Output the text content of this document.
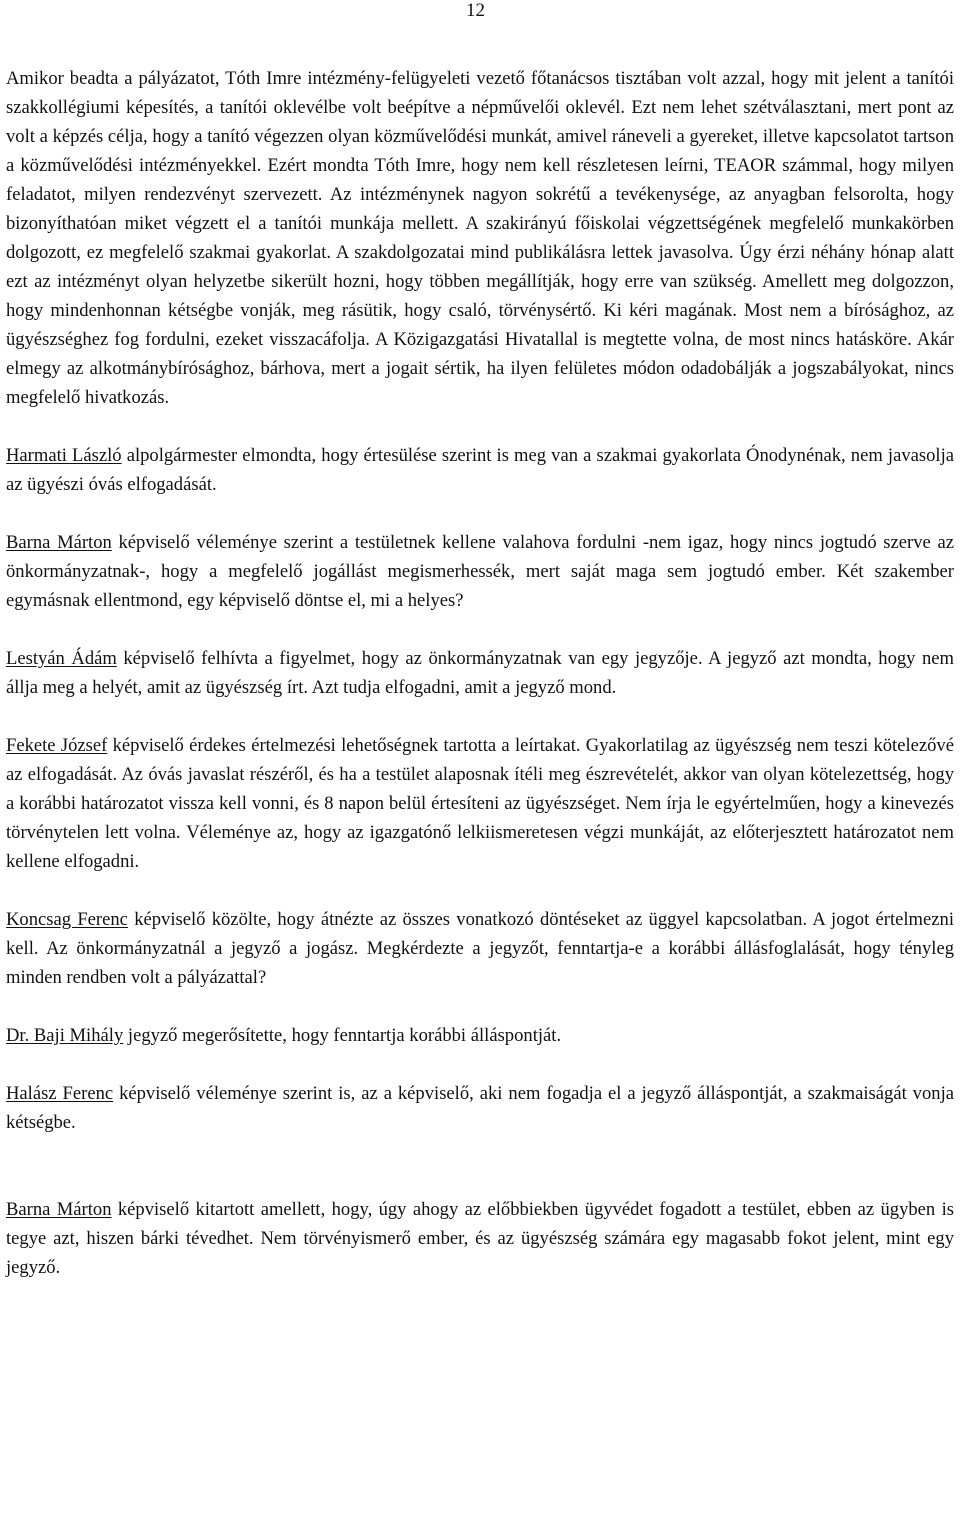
12

Amikor beadta a pályázatot, Tóth Imre intézmény-felügyeleti vezető főtanácsos tisztában volt azzal, hogy mit jelent a tanítói szakkollégiumi képesítés, a tanítói oklevélbe volt beépítve a népművelői oklevél. Ezt nem lehet szétválasztani, mert pont az volt a képzés célja, hogy a tanító végezzen olyan közművelődési munkát, amivel ráneveli a gyereket, illetve kapcsolatot tartson a közművelődési intézményekkel. Ezért mondta Tóth Imre, hogy nem kell részletesen leírni, TEAOR számmal, hogy milyen feladatot, milyen rendezvényt szervezett. Az intézménynek nagyon sokrétű a tevékenysége, az anyagban felsorolta, hogy bizonyíthatóan miket végzett el a tanítói munkája mellett. A szakirányú főiskolai végzettségének megfelelő munkakörben dolgozott, ez megfelelő szakmai gyakorlat. A szakdolgozatai mind publikálásra lettek javasolva. Úgy érzi néhány hónap alatt ezt az intézményt olyan helyzetbe sikerült hozni, hogy többen megállítják, hogy erre van szükség. Amellett meg dolgozzon, hogy mindenhonnan kétségbe vonják, meg rásütik, hogy csaló, törvénysértő. Ki kéri magának. Most nem a bírósághoz, az ügyészséghez fog fordulni, ezeket visszacáfolja. A Közigazgatási Hivatallal is megtette volna, de most nincs hatásköre. Akár elmegy az alkotmánybírósághoz, bárhova, mert a jogait sértik, ha ilyen felületes módon odadobálják a jogszabályokat, nincs megfelelő hivatkozás.

Harmati László alpolgármester elmondta, hogy értesülése szerint is meg van a szakmai gyakorlata Ónodynénak, nem javasolja az ügyészi óvás elfogadását.

Barna Márton képviselő véleménye szerint a testületnek kellene valahova fordulni -nem igaz, hogy nincs jogtudó szerve az önkormányzatnak-, hogy a megfelelő jogállást megismerhessék, mert saját maga sem jogtudó ember. Két szakember egymásnak ellentmond, egy képviselő döntse el, mi a helyes?

Lestyán Ádám képviselő felhívta a figyelmet, hogy az önkormányzatnak van egy jegyzője. A jegyző azt mondta, hogy nem állja meg a helyét, amit az ügyészség írt. Azt tudja elfogadni, amit a jegyző mond.

Fekete József képviselő érdekes értelmezési lehetőségnek tartotta a leírtakat. Gyakorlatilag az ügyészség nem teszi kötelezővé az elfogadását. Az óvás javaslat részéről, és ha a testület alaposnak ítéli meg észrevételét, akkor van olyan kötelezettség, hogy a korábbi határozatot vissza kell vonni, és 8 napon belül értesíteni az ügyészséget. Nem írja le egyértelműen, hogy a kinevezés törvénytelen lett volna. Véleménye az, hogy az igazgatónő lelkiismeretesen végzi munkáját, az előterjesztett határozatot nem kellene elfogadni.

Koncsag Ferenc képviselő közölte, hogy átnézte az összes vonatkozó döntéseket az üggyel kapcsolatban. A jogot értelmezni kell. Az önkormányzatnál a jegyző a jogász. Megkérdezte a jegyzőt, fenntartja-e a korábbi állásfoglalását, hogy tényleg minden rendben volt a pályázattal?

Dr. Baji Mihály jegyző megerősítette, hogy fenntartja korábbi álláspontját.

Halász Ferenc képviselő véleménye szerint is, az a képviselő, aki nem fogadja el a jegyző álláspontját, a szakmaiságát vonja kétségbe.

Barna Márton képviselő kitartott amellett, hogy, úgy ahogy az előbbiekben ügyvédet fogadott a testület, ebben az ügyben is tegye azt, hiszen bárki tévedhet. Nem törvényismerő ember, és az ügyészség számára egy magasabb fokot jelent, mint egy jegyző.
